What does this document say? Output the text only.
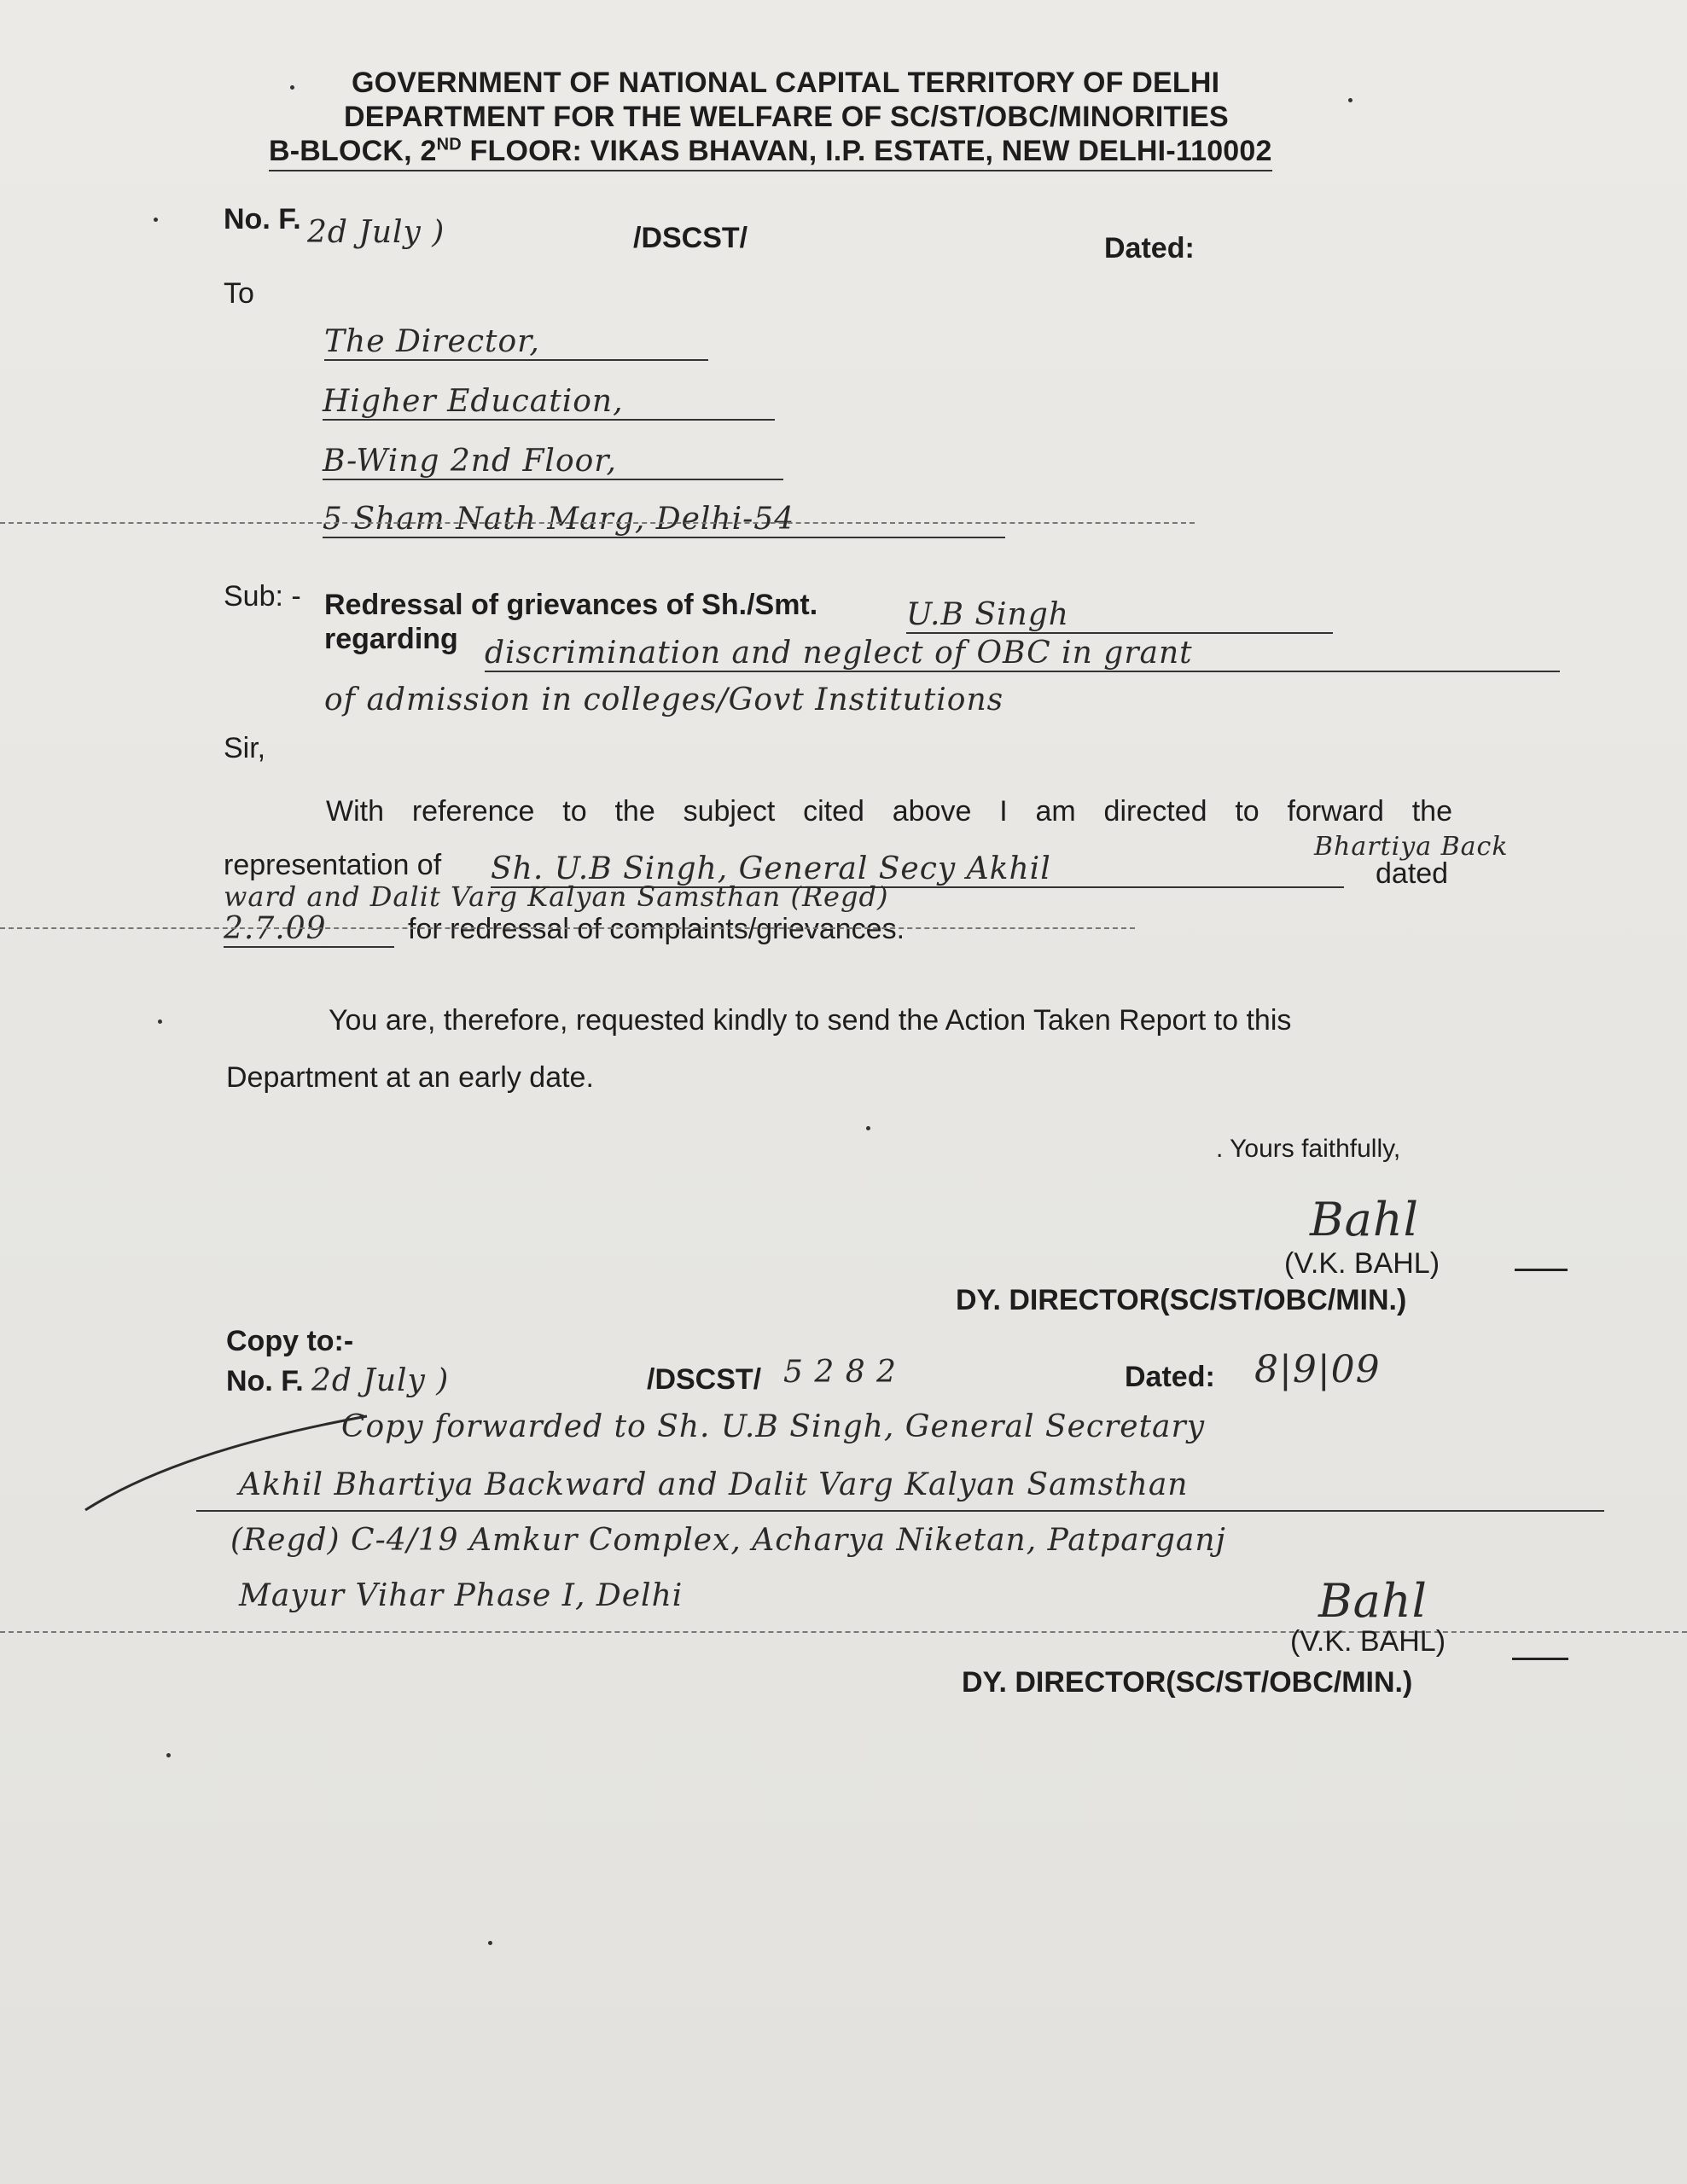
GOVERNMENT OF NATIONAL CAPITAL TERRITORY OF DELHI
DEPARTMENT FOR THE WELFARE OF SC/ST/OBC/MINORITIES
B-BLOCK, 2ND FLOOR: VIKAS BHAVAN, I.P. ESTATE, NEW DELHI-110002
No. F. 2d July )	/DSCST/	Dated:
To
The Director,
Higher Education,
B-Wing 2nd Floor,
5 Sham Nath Marg, Delhi-54
Sub: - Redressal of grievances of Sh./Smt.	U.B Singh
regarding discrimination and neglect of OBC in grant
of admission in colleges/Govt Institutions
Sir,
With reference to the subject cited above I am directed to forward the
representation of Sh. U.B Singh, General Secy Akhil
Bhartiya Back
dated
ward and Dalit Varg Kalyan Samsthan (Regd)
2.7.09	for redressal of complaints/grievances.
You are, therefore, requested kindly to send the Action Taken Report to this
Department at an early date.
. Yours faithfully,
Bahl
(V.K. BAHL)
DY. DIRECTOR(SC/ST/OBC/MIN.)
Copy to:-
No. F. 2d July )	/DSCST/ 5 2 8 2	Dated: 8|9|09
Copy forwarded to Sh. U.B Singh, General Secretary
Akhil Bhartiya Backward and Dalit Varg Kalyan Samsthan
(Regd) C-4/19 Amkur Complex, Acharya Niketan, Patparganj
Mayur Vihar Phase I, Delhi	Bahl
(V.K. BAHL)
DY. DIRECTOR(SC/ST/OBC/MIN.)
